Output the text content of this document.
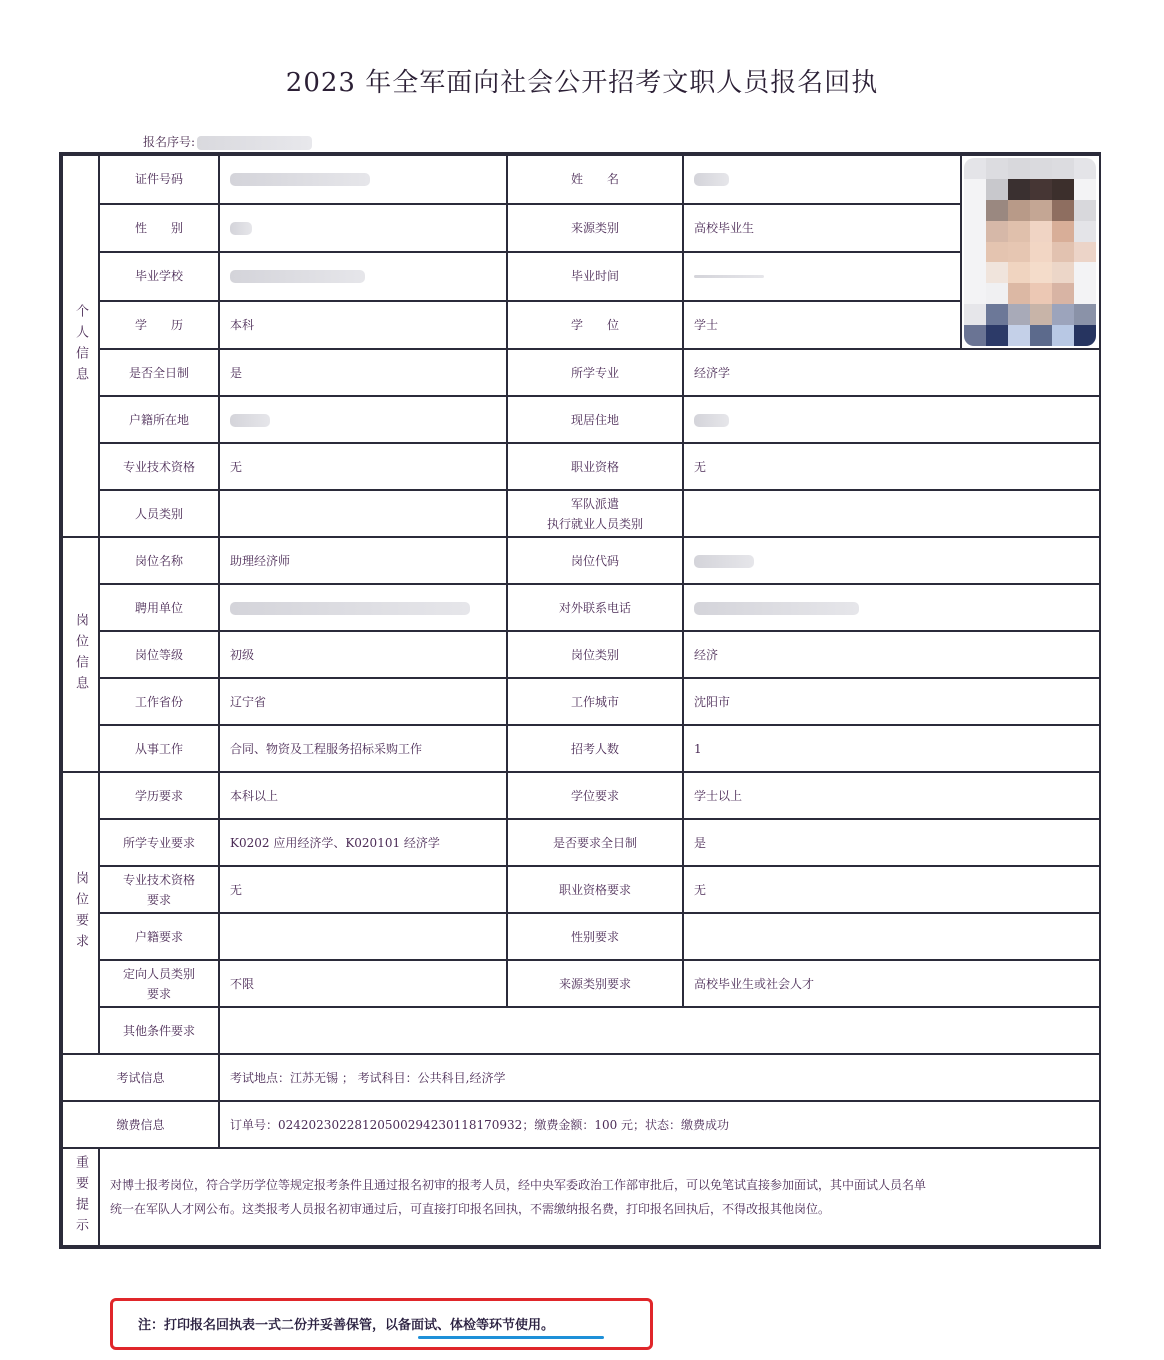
2023 年全军面向社会公开招考文职人员报名回执
报名序号:
个人信息	证件号码		姓　　名		

	性　　别		来源类别	高校毕业生	
	毕业学校		毕业时间		
	学　　历	本科	学　　位	学士	
	是否全日制	是	所学专业	经济学	
	户籍所在地		现居住地		
	专业技术资格	无	职业资格	无	
	人员类别		军队派遣
执行就业人员类别		

岗位信息	岗位名称	助理经济师	岗位代码		
	聘用单位		对外联系电话		
	岗位等级	初级	岗位类别	经济	
	工作省份	辽宁省	工作城市	沈阳市	
	从事工作	合同、物资及工程服务招标采购工作	招考人数	1	
岗位要求	学历要求	本科以上	学位要求	学士以上	
	所学专业要求	K0202 应用经济学、K020101 经济学	是否要求全日制	是	

	专业技术资格
要求	无	职业资格要求	无	
	户籍要求		性别要求		

	定向人员类别
要求	不限	来源类别要求	高校毕业生或社会人才	
	其他条件要求				
考试信息		考试地点：江苏无锡 ； 考试科目：公共科目,经济学			
缴费信息		订单号：02420230228120500294230118170932；缴费金额：100 元；状态：缴费成功			
重要提示	对博士报考岗位，符合学历学位等规定报考条件且通过报名初审的报考人员，经中央军委政治工作部审批后，可以免笔试直接参加面试，其中面试人员名单
统一在军队人才网公布。这类报考人员报名初审通过后，可直接打印报名回执，不需缴纳报名费，打印报名回执后，不得改报其他岗位。				
注：打印报名回执表一式二份并妥善保管，以备面试、体检等环节使用。
